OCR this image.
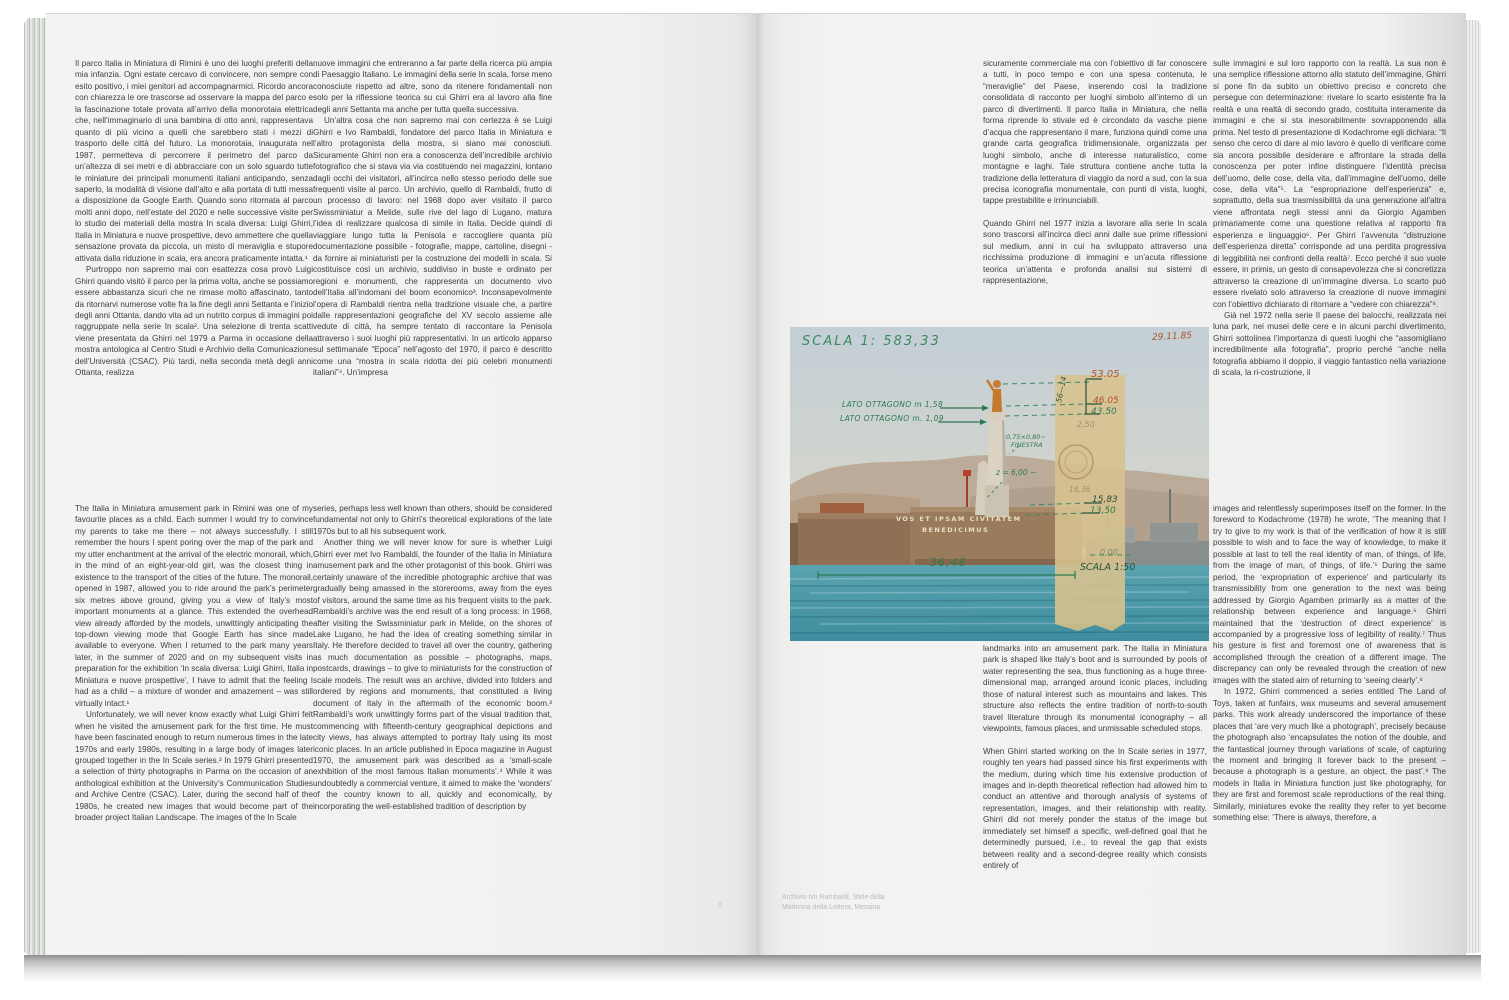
Il parco Italia in Miniatura di Rimini è uno dei luoghi preferiti della mia infanzia. Ogni estate cercavo di convincere, non sempre con esito positivo, i miei genitori ad accompagnarmici. Ricordo ancora con chiarezza le ore trascorse ad osservare la mappa del parco e la fascinazione totale provata all’arrivo della monorotaia elettrica che, nell’immaginario di una bambina di otto anni, rappresentava quanto di più vicino a quelli che sarebbero stati i mezzi di trasporto delle città del futuro. La monorotaia, inaugurata nel 1987, permetteva di percorrere il perimetro del parco da un’altezza di sei metri e di abbracciare con un solo sguardo tutte le miniature dei principali monumenti italiani anticipando, senza saperlo, la modalità di visione dall’alto e alla portata di tutti messa a disposizione da Google Earth. Quando sono ritornata al parco molti anni dopo, nell’estate del 2020 e nelle successive visite per lo studio dei materiali della mostra In scala diversa: Luigi Ghirri, Italia in Miniatura e nuove prospettive, devo ammettere che quella sensazione provata da piccola, un misto di meraviglia e stupore attivata dalla riduzione in scala, era ancora praticamente intatta.¹

Purtroppo non sapremo mai con esattezza cosa provò Luigi Ghirri quando visitò il parco per la prima volta, anche se possiamo essere abbastanza sicuri che ne rimase molto affascinato, tanto da ritornarvi numerose volte fra la fine degli anni Settanta e l’inizio degli anni Ottanta, dando vita ad un nutrito corpus di immagini poi raggruppate nella serie In scala². Una selezione di trenta scatti viene presentata da Ghirri nel 1979 a Parma in occasione della mostra antologica al Centro Studi e Archivio della Comunicazione dell’Università (CSAC). Più tardi, nella seconda metà degli anni Ottanta, realizza

nuove immagini che entreranno a far parte della ricerca più ampia di Paesaggio Italiano. Le immagini della serie In scala, forse meno conosciute rispetto ad altre, sono da ritenere fondamentali non solo per la riflessione teorica su cui Ghirri era al lavoro alla fine degli anni Settanta ma anche per tutta quella successiva.

Un’altra cosa che non sapremo mai con certezza è se Luigi Ghirri e Ivo Rambaldi, fondatore del parco Italia in Miniatura e l’altro protagonista della mostra, si siano mai conosciuti. Sicuramente Ghirri non era a conoscenza dell’incredibile archivio fotografico che si stava via via costituendo nei magazzini, lontano dagli occhi dei visitatori, all’incirca nello stesso periodo delle sue frequenti visite al parco. Un archivio, quello di Rambaldi, frutto di un processo di lavoro: nel 1968 dopo aver visitato il parco Swissminiatur a Melide, sulle rive del lago di Lugano, matura l’idea di realizzare qualcosa di simile in Italia. Decide quindi di viaggiare lungo tutta la Penisola e raccogliere quanta più documentazione possibile - fotografie, mappe, cartoline, disegni - da fornire ai miniaturisti per la costruzione dei modelli in scala. Si costituisce così un archivio, suddiviso in buste e ordinato per regioni e monumenti, che rappresenta un documento vivo dell’Italia all’indomani del boom economico³. Inconsapevolmente l’opera di Rambaldi rientra nella tradizione visuale che, a partire dalle rappresentazioni geografiche del XV secolo assieme alle vedute di città, ha sempre tentato di raccontare la Penisola attraverso i suoi luoghi più rappresentativi. In un articolo apparso sul settimanale “Epoca” nell’agosto del 1970, il parco è descritto come una “mostra in scala ridotta dei più celebri monumenti italiani”⁴. Un’impresa

The Italia in Miniatura amusement park in Rimini was one of my favourite places as a child. Each summer I would try to convince my parents to take me there – not always successfully. I still remember the hours I spent poring over the map of the park and my utter enchantment at the arrival of the electric monorail, which, in the mind of an eight-year-old girl, was the closest thing in existence to the transport of the cities of the future. The monorail, opened in 1987, allowed you to ride around the park’s perimeter six metres above ground, giving you a view of Italy’s most important monuments at a glance. This extended the overhead view already afforded by the models, unwittingly anticipating the top-down viewing mode that Google Earth has since made available to everyone. When I returned to the park many years later, in the summer of 2020 and on my subsequent visits in preparation for the exhibition ‘In scala diversa: Luigi Ghirri, Italia in Miniatura e nuove prospettive’, I have to admit that the feeling I had as a child – a mixture of wonder and amazement – was still virtually intact.¹

Unfortunately, we will never know exactly what Luigi Ghirri felt when he visited the amusement park for the first time. He must have been fascinated enough to return numerous times in the late 1970s and early 1980s, resulting in a large body of images later grouped together in the In Scale series.² In 1979 Ghirri presented a selection of thirty photographs in Parma on the occasion of an anthological exhibition at the University’s Communication Studies and Archive Centre (CSAC). Later, during the second half of the 1980s, he created new images that would become part of the broader project Italian Landscape. The images of the In Scale

series, perhaps less well known than others, should be considered fundamental not only to Ghirri’s theoretical explorations of the late 1970s but to all his subsequent work.

Another thing we will never know for sure is whether Luigi Ghirri ever met Ivo Rambaldi, the founder of the Italia in Miniatura amusement park and the other protagonist of this book. Ghirri was certainly unaware of the incredible photographic archive that was gradually being amassed in the storerooms, away from the eyes of visitors, around the same time as his frequent visits to the park. Rambaldi’s archive was the end result of a long process: in 1968, after visiting the Swissminiatur park in Melide, on the shores of Lake Lugano, he had the idea of creating something similar in Italy. He therefore decided to travel all over the country, gathering as much documentation as possible – photographs, maps, postcards, drawings – to give to miniaturists for the construction of scale models. The result was an archive, divided into folders and ordered by regions and monuments, that constituted a living document of Italy in the aftermath of the economic boom.³ Rambaldi’s work unwittingly forms part of the visual tradition that, commencing with fifteenth-century geographical depictions and city views, has always attempted to portray Italy using its most iconic places. In an article published in Epoca magazine in August 1970, the amusement park was described as a ‘small-scale exhibition of the most famous Italian monuments’.⁴ While it was undoubtedly a commercial venture, it aimed to make the ‘wonders’ of the country known to all, quickly and economically, by incorporating the well-established tradition of description by

8

sicuramente commerciale ma con l’obiettivo di far conoscere a tutti, in poco tempo e con una spesa contenuta, le “meraviglie” del Paese, inserendo così la tradizione consolidata di racconto per luoghi simbolo all’interno di un parco di divertimenti. Il parco Italia in Miniatura, che nella forma riprende lo stivale ed è circondato da vasche piene d’acqua che rappresentano il mare, funziona quindi come una grande carta geografica tridimensionale, organizzata per luoghi simbolo, anche di interesse naturalistico, come montagne e laghi. Tale struttura contiene anche tutta la tradizione della letteratura di viaggio da nord a sud, con la sua precisa iconografia monumentale, con punti di vista, luoghi, tappe prestabilite e irrinunciabili.

Quando Ghirri nel 1977 inizia a lavorare alla serie In scala sono trascorsi all’incirca dieci anni dalle sue prime riflessioni sul medium, anni in cui ha sviluppato attraverso una ricchissima produzione di immagini e un’acuta riflessione teorica un’attenta e profonda analisi sui sistemi di rappresentazione,

sulle immagini e sul loro rapporto con la realtà. La sua non è una semplice riflessione attorno allo statuto dell’immagine, Ghirri si pone fin da subito un obiettivo preciso e concreto che persegue con determinazione: rivelare lo scarto esistente fra la realtà e una realtà di secondo grado, costituita interamente da immagini e che si sta inesorabilmente sovrapponendo alla prima. Nel testo di presentazione di Kodachrome egli dichiara: “Il senso che cerco di dare al mio lavoro è quello di verificare come sia ancora possibile desiderare e affrontare la strada della conoscenza per poter infine distinguere l’identità precisa dell’uomo, delle cose, della vita, dall’immagine dell’uomo, delle cose, della vita”⁵. La “espropriazione dell’esperienza” e, soprattutto, della sua trasmissibilità da una generazione all’altra viene affrontata negli stessi anni da Giorgio Agamben primariamente come una questione relativa al rapporto fra esperienza e linguaggio⁶. Per Ghirri l’avvenuta “distruzione dell’esperienza diretta” corrisponde ad una perdita progressiva di leggibilità nei confronti della realtà⁷. Ecco perché il suo vuole essere, in primis, un gesto di consapevolezza che si concretizza attraverso la creazione di un’immagine diversa. Lo scarto può essere rivelato solo attraverso la creazione di nuove immagini con l’obiettivo dichiarato di ritornare a “vedere con chiarezza”⁸.

Già nel 1972 nella serie Il paese dei balocchi, realizzata nei luna park, nei musei delle cere e in alcuni parchi divertimento, Ghirri sottolinea l’importanza di questi luoghi che “assomigliano incredibilmente alla fotografia”, proprio perché “anche nella fotografia abbiamo il doppio, il viaggio fantastico nella variazione di scala, la ri-costruzione, il

landmarks into an amusement park. The Italia in Miniatura park is shaped like Italy’s boot and is surrounded by pools of water representing the sea, thus functioning as a huge three-dimensional map, arranged around iconic places, including those of natural interest such as mountains and lakes. This structure also reflects the entire tradition of north-to-south travel literature through its monumental iconography – all viewpoints, famous places, and unmissable scheduled stops.

When Ghirri started working on the In Scale series in 1977, roughly ten years had passed since his first experiments with the medium, during which time his extensive production of images and in-depth theoretical reflection had allowed him to conduct an attentive and thorough analysis of systems of representation, images, and their relationship with reality. Ghirri did not merely ponder the status of the image but immediately set himself a specific, well-defined goal that he determinedly pursued, i.e., to reveal the gap that exists between reality and a second-degree reality which consists entirely of

images and relentlessly superimposes itself on the former. In the foreword to Kodachrome (1978) he wrote, ‘The meaning that I try to give to my work is that of the verification of how it is still possible to wish and to face the way of knowledge, to make it possible at last to tell the real identity of man, of things, of life, from the image of man, of things, of life.’⁵ During the same period, the ‘expropriation of experience’ and particularly its transmissibility from one generation to the next was being addressed by Giorgio Agamben primarily as a matter of the relationship between experience and language.⁶ Ghirri maintained that the ‘destruction of direct experience’ is accompanied by a progressive loss of legibility of reality.⁷ Thus his gesture is first and foremost one of awareness that is accomplished through the creation of a different image. The discrepancy can only be revealed through the creation of new images with the stated aim of returning to ‘seeing clearly’.⁸

In 1972, Ghirri commenced a series entitled The Land of Toys, taken at funfairs, wax museums and several amusement parks. This work already underscored the importance of these places that ‘are very much like a photograph’, precisely because the photograph also ‘encapsulates the notion of the double, and the fantastical journey through variations of scale, of capturing the moment and bringing it forever back to the present – because a photograph is a gesture, an object, the past’.⁹ The models in Italia in Miniatura function just like photography, for they are first and foremost scale reproductions of the real thing. Similarly, miniatures evoke the reality they refer to yet become something else: ‘There is always, therefore, a

SCALA 1: 583,33	29.11.85
53.05
56—14	46.05
43.50
2,50
LATO OTTAGONO m 1,58
LATO OTTAGONO m. 1,09
0,75×0,80~
FINESTRA
z = 6,00 ~
18,36
15,83
13,50
0,00
36,46	SCALA 1:50
VOS ET IPSAM CIVITATEM
BENEDICIMUS
Archivio Ivo Rambaldi, Stele della
Madonna della Lettera, Messina
